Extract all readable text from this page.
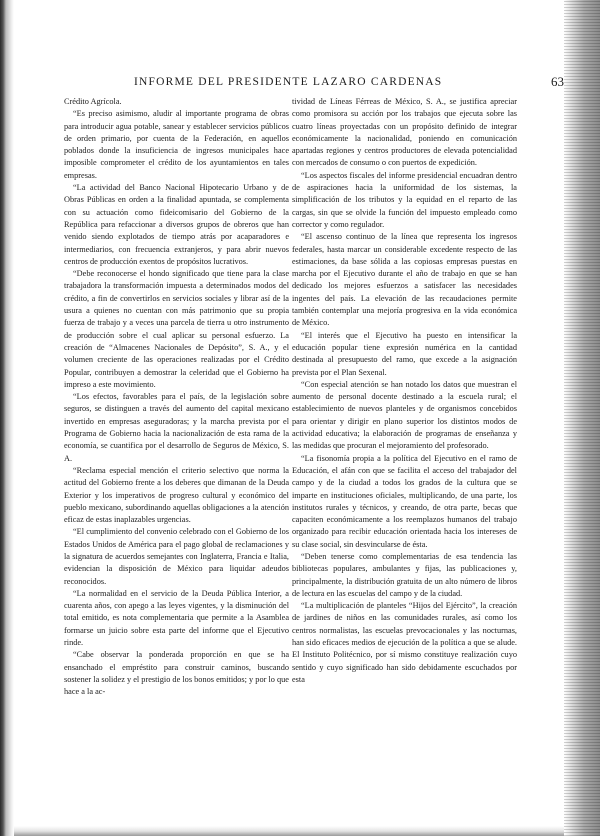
INFORME DEL PRESIDENTE LAZARO CARDENAS	63

Crédito Agrícola.

“Es preciso asimismo, aludir al importante programa de obras para introducir agua potable, sanear y establecer servicios públicos de orden primario, por cuenta de la Federación, en aquellos poblados donde la insuficiencia de ingresos municipales hace imposible comprometer el crédito de los ayuntamientos en tales empresas.

“La actividad del Banco Nacional Hipotecario Urbano y de Obras Públicas en orden a la finalidad apuntada, se complementa con su actuación como fideicomisario del Gobierno de la República para refaccionar a diversos grupos de obreros que han venido siendo explotados de tiempo atrás por acaparadores e intermediarios, con frecuencia extranjeros, y para abrir nuevos centros de producción exentos de propósitos lucrativos.

“Debe reconocerse el hondo significado que tiene para la clase trabajadora la transformación impuesta a determinados modos del crédito, a fin de convertirlos en servicios sociales y librar así de la usura a quienes no cuentan con más patrimonio que su propia fuerza de trabajo y a veces una parcela de tierra u otro instrumento de producción sobre el cual aplicar su personal esfuerzo. La creación de “Almacenes Nacionales de Depósito”, S. A., y el volumen creciente de las operaciones realizadas por el Crédito Popular, contribuyen a demostrar la celeridad que el Gobierno ha impreso a este movimiento.

“Los efectos, favorables para el país, de la legislación sobre seguros, se distinguen a través del aumento del capital mexicano invertido en empresas aseguradoras; y la marcha prevista por el Programa de Gobierno hacia la nacionalización de esta rama de la economía, se cuantifica por el desarrollo de Seguros de México, S. A.

“Reclama especial mención el criterio selectivo que norma la actitud del Gobierno frente a los deberes que dimanan de la Deuda Exterior y los imperativos de progreso cultural y económico del pueblo mexicano, subordinando aquellas obligaciones a la atención eficaz de estas inaplazables urgencias.

“El cumplimiento del convenio celebrado con el Gobierno de los Estados Unidos de América para el pago global de reclamaciones y la signatura de acuerdos semejantes con Inglaterra, Francia e Italia, evidencian la disposición de México para liquidar adeudos reconocidos.

“La normalidad en el servicio de la Deuda Pública Interior, a cuarenta años, con apego a las leyes vigentes, y la disminución del total emitido, es nota complementaria que permite a la Asamblea formarse un juicio sobre esta parte del informe que el Ejecutivo rinde.

“Cabe observar la ponderada proporción en que se ha ensanchado el empréstito para construir caminos, buscando sostener la solidez y el prestigio de los bonos emitidos; y por lo que hace a la ac-

tividad de Líneas Férreas de México, S. A., se justifica apreciar como promisora su acción por los trabajos que ejecuta sobre las cuatro líneas proyectadas con un propósito definido de integrar económicamente la nacionalidad, poniendo en comunicación apartadas regiones y centros productores de elevada potencialidad con mercados de consumo o con puertos de expedición.

“Los aspectos fiscales del informe presidencial encuadran dentro de aspiraciones hacia la uniformidad de los sistemas, la simplificación de los tributos y la equidad en el reparto de las cargas, sin que se olvide la función del impuesto empleado como corrector y como regulador.

“El ascenso continuo de la línea que representa los ingresos federales, hasta marcar un considerable excedente respecto de las estimaciones, da base sólida a las copiosas empresas puestas en marcha por el Ejecutivo durante el año de trabajo en que se han dedicado los mejores esfuerzos a satisfacer las necesidades ingentes del país. La elevación de las recaudaciones permite también contemplar una mejoría progresiva en la vida económica de México.

“El interés que el Ejecutivo ha puesto en intensificar la educación popular tiene expresión numérica en la cantidad destinada al presupuesto del ramo, que excede a la asignación prevista por el Plan Sexenal.

“Con especial atención se han notado los datos que muestran el aumento de personal docente destinado a la escuela rural; el establecimiento de nuevos planteles y de organismos concebidos para orientar y dirigir en plano superior los distintos modos de actividad educativa; la elaboración de programas de enseñanza y las medidas que procuran el mejoramiento del profesorado.

“La fisonomía propia a la política del Ejecutivo en el ramo de Educación, el afán con que se facilita el acceso del trabajador del campo y de la ciudad a todos los grados de la cultura que se imparte en instituciones oficiales, multiplicando, de una parte, los institutos rurales y técnicos, y creando, de otra parte, becas que capaciten económicamente a los reemplazos humanos del trabajo organizado para recibir educación orientada hacia los intereses de su clase social, sin desvincularse de ésta.

“Deben tenerse como complementarias de esa tendencia las bibliotecas populares, ambulantes y fijas, las publicaciones y, principalmente, la distribución gratuita de un alto número de libros de lectura en las escuelas del campo y de la ciudad.

“La multiplicación de planteles “Hijos del Ejército”, la creación de jardines de niños en las comunidades rurales, así como los centros normalistas, las escuelas prevocacionales y las nocturnas, han sido eficaces medios de ejecución de la política a que se alude. El Instituto Politécnico, por sí mismo constituye realización cuyo sentido y cuyo significado han sido debidamente escuchados por esta
